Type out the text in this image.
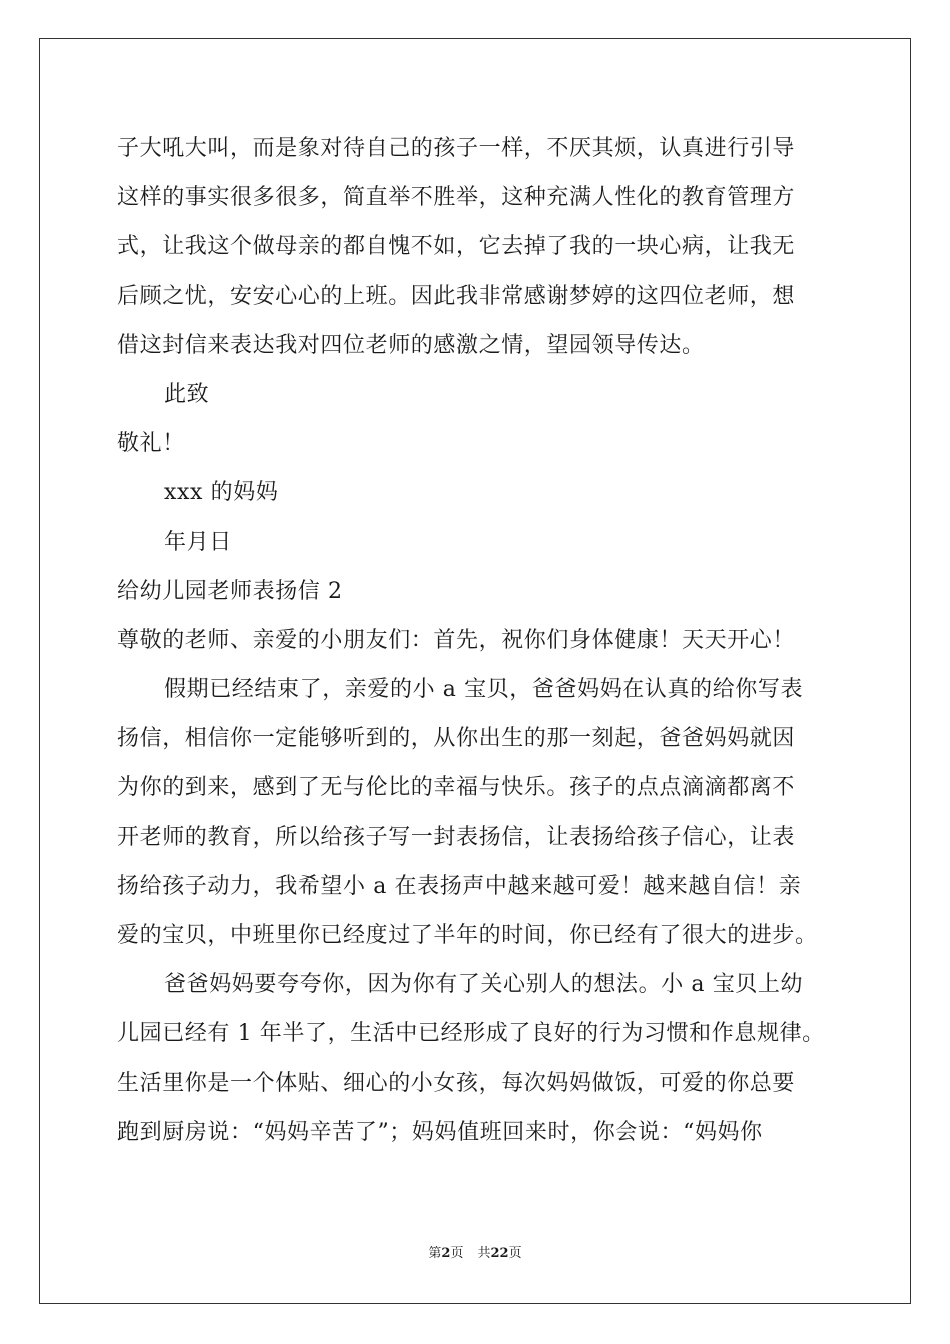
子大吼大叫，而是象对待自己的孩子一样，不厌其烦，认真进行引导
这样的事实很多很多，简直举不胜举，这种充满人性化的教育管理方
式，让我这个做母亲的都自愧不如，它去掉了我的一块心病，让我无
后顾之忧，安安心心的上班。因此我非常感谢梦婷的这四位老师，想
借这封信来表达我对四位老师的感激之情，望园领导传达。
此致
敬礼！
xxx 的妈妈
年月日
给幼儿园老师表扬信 2
尊敬的老师、亲爱的小朋友们：首先，祝你们身体健康！天天开心！
假期已经结束了，亲爱的小 a 宝贝，爸爸妈妈在认真的给你写表
扬信，相信你一定能够听到的，从你出生的那一刻起，爸爸妈妈就因
为你的到来，感到了无与伦比的幸福与快乐。孩子的点点滴滴都离不
开老师的教育，所以给孩子写一封表扬信，让表扬给孩子信心，让表
扬给孩子动力，我希望小 a 在表扬声中越来越可爱！越来越自信！亲
爱的宝贝，中班里你已经度过了半年的时间，你已经有了很大的进步。
爸爸妈妈要夸夸你，因为你有了关心别人的想法。小 a 宝贝上幼
儿园已经有 1 年半了，生活中已经形成了良好的行为习惯和作息规律。
生活里你是一个体贴、细心的小女孩，每次妈妈做饭，可爱的你总要
跑到厨房说：“妈妈辛苦了”；妈妈值班回来时，你会说：“妈妈你
第2页 共22页
